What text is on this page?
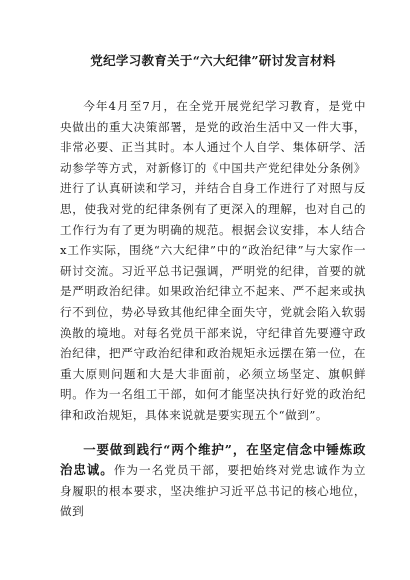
党纪学习教育关于“六大纪律”研讨发言材料

今年4月至7月，在全党开展党纪学习教育，是党中央做出的重大决策部署，是党的政治生活中又一件大事，非常必要、正当其时。本人通过个人自学、集体研学、活动参学等方式，对新修订的《中国共产党纪律处分条例》进行了认真研读和学习，并结合自身工作进行了对照与反思，使我对党的纪律条例有了更深入的理解，也对自己的工作行为有了更为明确的规范。根据会议安排，本人结合x工作实际，围绕“六大纪律”中的“政治纪律”与大家作一研讨交流。习近平总书记强调，严明党的纪律，首要的就是严明政治纪律。如果政治纪律立不起来、严不起来或执行不到位，势必导致其他纪律全面失守，党就会陷入软弱涣散的境地。对每名党员干部来说，守纪律首先要遵守政治纪律，把严守政治纪律和政治规矩永远摆在第一位，在重大原则问题和大是大非面前，必须立场坚定、旗帜鲜明。作为一名组工干部，如何才能坚决执行好党的政治纪律和政治规矩，具体来说就是要实现五个“做到”。

一要做到践行“两个维护”，在坚定信念中锤炼政治忠诚。作为一名党员干部，要把始终对党忠诚作为立身履职的根本要求，坚决维护习近平总书记的核心地位，做到
